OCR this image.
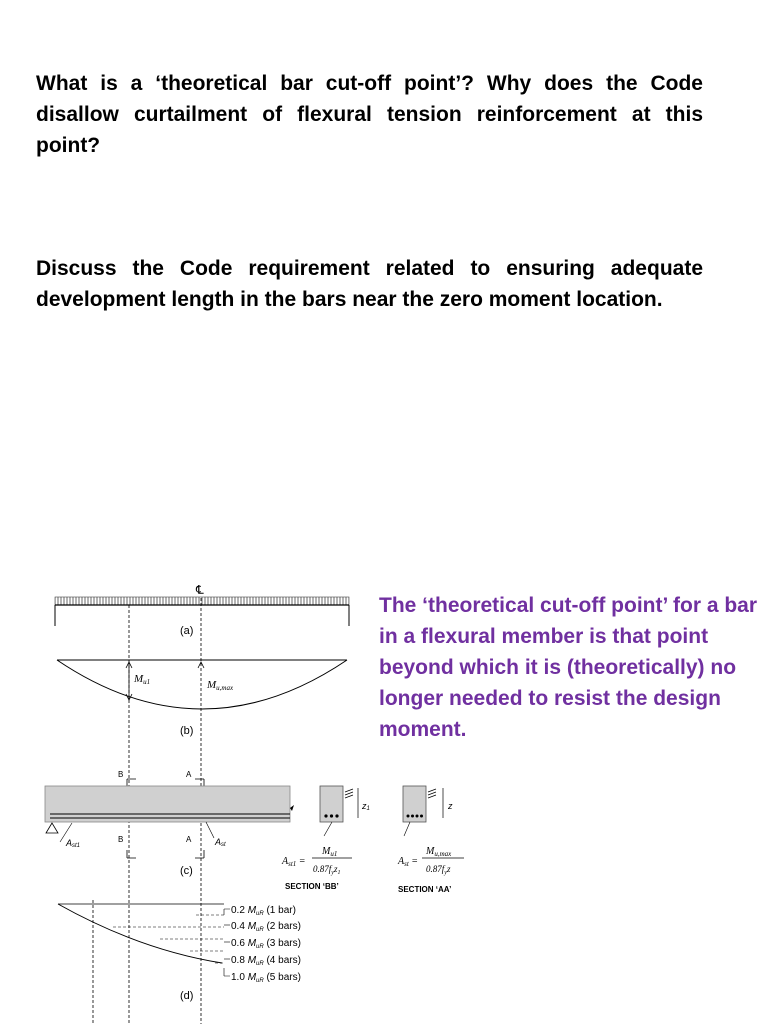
What is a ‘theoretical bar cut-off point’? Why does the Code disallow curtailment of flexural tension reinforcement at this point?
Discuss the Code requirement related to ensuring adequate development length in the bars near the zero moment location.
The ‘theoretical cut-off point’ for a bar in a flexural member is that point beyond which it is (theoretically) no longer needed to resist the design moment.
℄
(a)
Mu1	Mu,max
(b)
B	A
Ast1
B	A	Ast
(c)
z1
$A_{st1}$ =
$M_{u1}$
$0.87f_yz_1$
SECTION ‘BB’
z
$A_{st}$ =
$M_{u,max}$
$0.87f_yz$
SECTION ‘AA’
0.2 $M_{uR}$ (1 bar)
0.4 $M_{uR}$ (2 bars)
0.6 $M_{uR}$ (3 bars)
0.8 $M_{uR}$ (4 bars)
1.0 $M_{uR}$ (5 bars)
(d)
